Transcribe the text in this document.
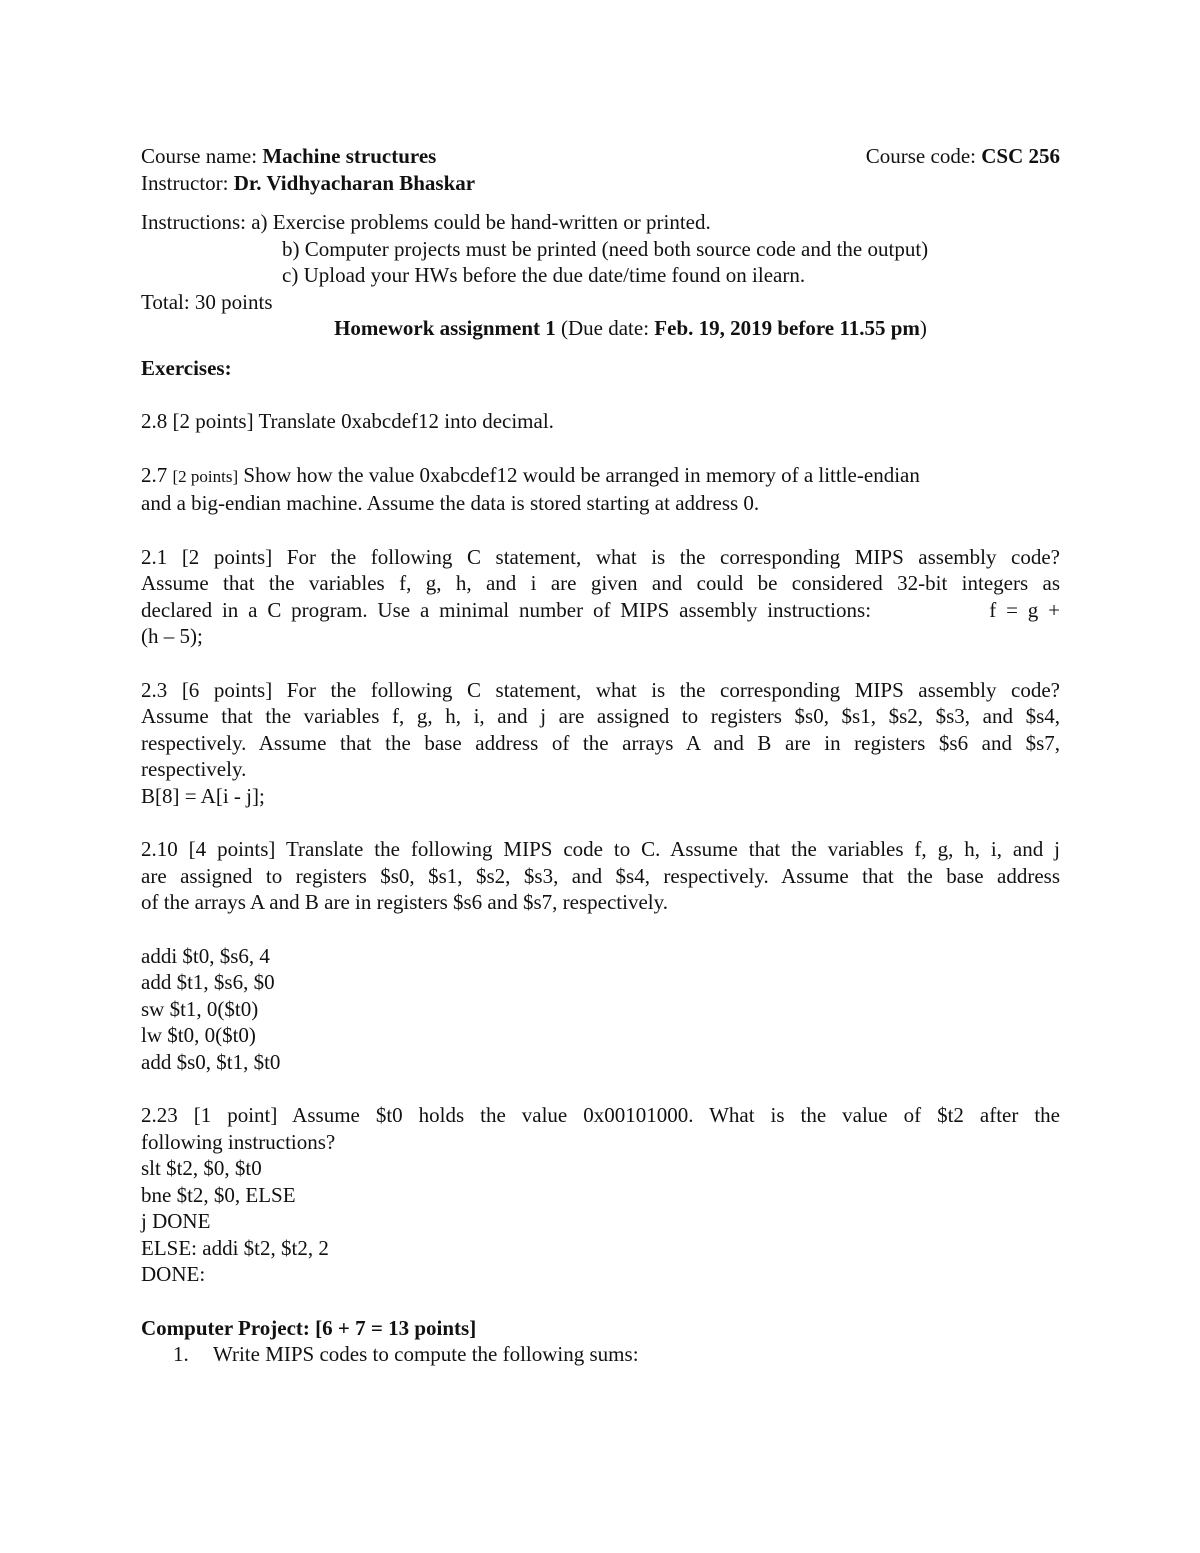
Course name: Machine structures	Course code: CSC 256

Instructor: Dr. Vidhyacharan Bhaskar

Instructions: a) Exercise problems could be hand-written or printed.

b) Computer projects must be printed (need both source code and the output)

c) Upload your HWs before the due date/time found on ilearn.

Total: 30 points

Homework assignment 1 (Due date: Feb. 19, 2019 before 11.55 pm)

Exercises:

2.8 [2 points] Translate 0xabcdef12 into decimal.

2.7 [2 points] Show how the value 0xabcdef12 would be arranged in memory of a little-endian

and a big-endian machine. Assume the data is stored starting at address 0.

2.1 [2 points] For the following C statement, what is the corresponding MIPS assembly code?

Assume that the variables f, g, h, and i are given and could be considered 32-bit integers as

declared in a C program. Use a minimal number of MIPS assembly instructions:            f = g +

(h – 5);

2.3 [6 points] For the following C statement, what is the corresponding MIPS assembly code?

Assume that the variables f, g, h, i, and j are assigned to registers $s0, $s1, $s2, $s3, and $s4,

respectively. Assume that the base address of the arrays A and B are in registers $s6 and $s7,

respectively.

B[8] = A[i - j];

2.10 [4 points] Translate the following MIPS code to C. Assume that the variables f, g, h, i, and j

are assigned to registers $s0, $s1, $s2, $s3, and $s4, respectively. Assume that the base address

of the arrays A and B are in registers $s6 and $s7, respectively.

addi $t0, $s6, 4

add $t1, $s6, $0

sw $t1, 0($t0)

lw $t0, 0($t0)

add $s0, $t1, $t0

2.23 [1 point] Assume $t0 holds the value 0x00101000. What is the value of $t2 after the

following instructions?

slt $t2, $0, $t0

bne $t2, $0, ELSE

j DONE

ELSE: addi $t2, $t2, 2

DONE:

Computer Project: [6 + 7 = 13 points]

1.	Write MIPS codes to compute the following sums:
